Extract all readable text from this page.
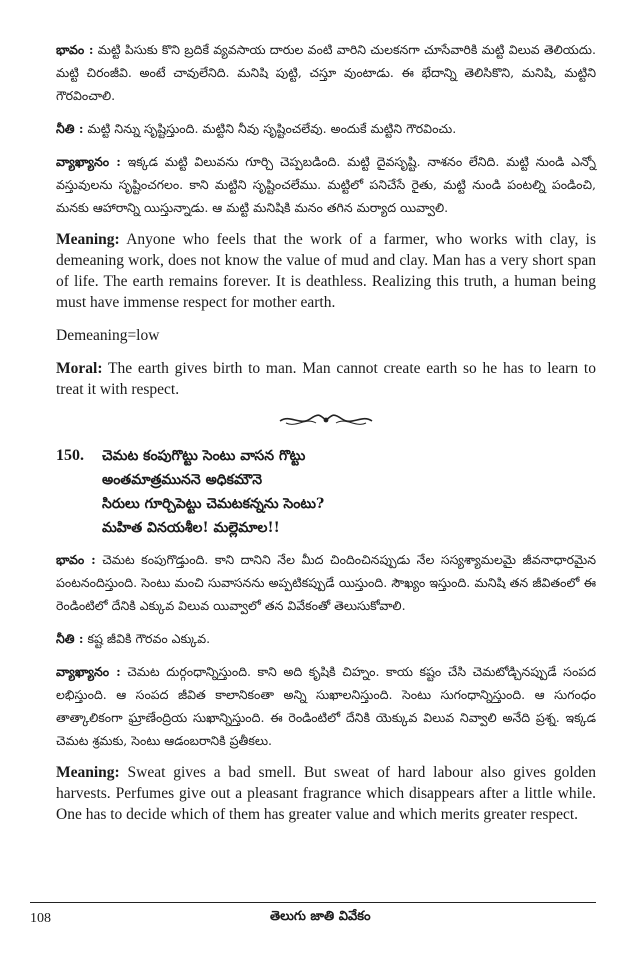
భావం : మట్టి పిసుకు కొని బ్రదికే వ్యవసాయ దారుల వంటి వారిని చులకనగా చూసేవారికి మట్టి విలువ తెలియదు. మట్టి చిరంజీవి. అంటే చావులేనిది. మనిషి పుట్టి, చస్తూ వుంటాడు. ఈ భేదాన్ని తెలిసికొని, మనిషి, మట్టిని గౌరవించాలి.

నీతి : మట్టి నిన్ను సృష్టిస్తుంది. మట్టిని నీవు సృష్టించలేవు. అందుకే మట్టిని గౌరవించు.

వ్యాఖ్యానం : ఇక్కడ మట్టి విలువను గూర్చి చెప్పబడింది. మట్టి దైవసృష్టి. నాశనం లేనిది. మట్టి నుండి ఎన్నో వస్తువులను సృష్టించగలం. కాని మట్టిని సృష్టించలేము. మట్టిలో పనిచేసే రైతు, మట్టి నుండి పంటల్ని పండించి, మనకు ఆహారాన్ని యిస్తున్నాడు. ఆ మట్టి మనిషికి మనం తగిన మర్యాద యివ్వాలి.

Meaning: Anyone who feels that the work of a farmer, who works with clay, is demeaning work, does not know the value of mud and clay. Man has a very short span of life. The earth remains forever. It is deathless. Realizing this truth, a human being must have immense respect for mother earth.

Demeaning=low

Moral: The earth gives birth to man. Man cannot create earth so he has to learn to treat it with respect.

150.	చెమట కంపుగొట్టు సెంటు వాసన గొట్టు
అంతమాత్రముననె అధికమౌనె
సిరులు గూర్చిపెట్టు చెమటకన్నను సెంటు?
మహిత వినయశీల! మల్లెమాల!!

భావం : చెమట కంపుగొడ్తుంది. కాని దానిని నేల మీద చిందించినప్పుడు నేల సస్యశ్యామలమై జీవనాధారమైన పంటనందిస్తుంది. సెంటు మంచి సువాసనను అప్పటికప్పుడే యిస్తుంది. సౌఖ్యం ఇస్తుంది. మనిషి తన జీవితంలో ఈ రెండింటిలో దేనికి ఎక్కువ విలువ యివ్వాలో తన వివేకంతో తెలుసుకోవాలి.

నీతి : కష్ట జీవికి గౌరవం ఎక్కువ.

వ్యాఖ్యానం : చెమట దుర్గంధాన్నిస్తుంది. కాని అది కృషికి చిహ్నం. కాయ కష్టం చేసి చెమటోడ్చినప్పుడే సంపద లభిస్తుంది. ఆ సంపద జీవిత కాలానికంతా అన్ని సుఖాలనిస్తుంది. సెంటు సుగంధాన్నిస్తుంది. ఆ సుగంధం తాత్కాలికంగా ఘ్రాణేంద్రియ సుఖాన్నిస్తుంది. ఈ రెండింటిలో దేనికి యెక్కువ విలువ నివ్వాలి అనేది ప్రశ్న. ఇక్కడ చెమట శ్రమకు, సెంటు ఆడంబరానికి ప్రతీకలు.

Meaning: Sweat gives a bad smell. But sweat of hard labour also gives golden harvests. Perfumes give out a pleasant fragrance which disappears after a little while. One has to decide which of them has greater value and which merits greater respect.

108	తెలుగు జాతి వివేకం
